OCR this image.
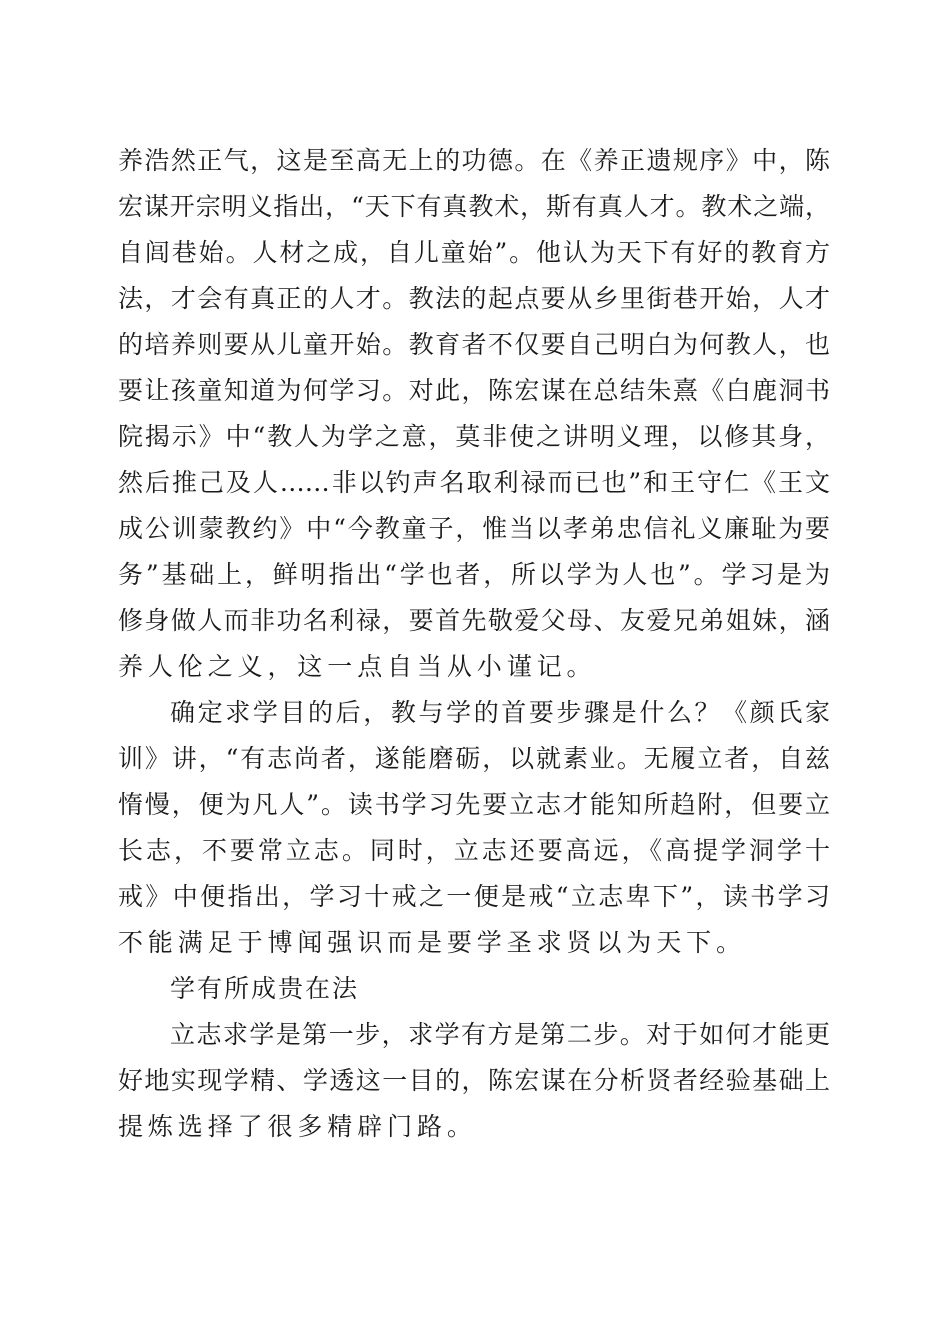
养浩然正气，这是至高无上的功德。在《养正遗规序》中，陈
宏谋开宗明义指出，“天下有真教术，斯有真人才。教术之端，
自闾巷始。人材之成，自儿童始”。他认为天下有好的教育方
法，才会有真正的人才。教法的起点要从乡里街巷开始，人才
的培养则要从儿童开始。教育者不仅要自己明白为何教人，也
要让孩童知道为何学习。对此，陈宏谋在总结朱熹《白鹿洞书
院揭示》中“教人为学之意，莫非使之讲明义理，以修其身，
然后推己及人……非以钓声名取利禄而已也”和王守仁《王文
成公训蒙教约》中“今教童子，惟当以孝弟忠信礼义廉耻为要
务”基础上，鲜明指出“学也者，所以学为人也”。学习是为
修身做人而非功名利禄，要首先敬爱父母、友爱兄弟姐妹，涵
养人伦之义，这一点自当从小谨记。
确定求学目的后，教与学的首要步骤是什么？《颜氏家
训》讲，“有志尚者，遂能磨砺，以就素业。无履立者，自兹
惰慢，便为凡人”。读书学习先要立志才能知所趋附，但要立
长志，不要常立志。同时，立志还要高远，《高提学洞学十
戒》中便指出，学习十戒之一便是戒“立志卑下”，读书学习
不能满足于博闻强识而是要学圣求贤以为天下。
学有所成贵在法
立志求学是第一步，求学有方是第二步。对于如何才能更
好地实现学精、学透这一目的，陈宏谋在分析贤者经验基础上
提炼选择了很多精辟门路。
